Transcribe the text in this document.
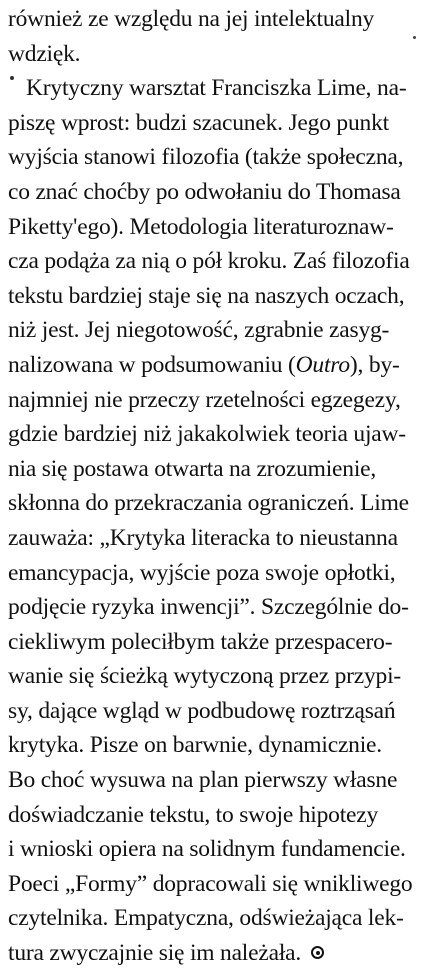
również ze względu na jej intelektualny
wdzięk.
Krytyczny warsztat Franciszka Lime, na-
piszę wprost: budzi szacunek. Jego punkt
wyjścia stanowi filozofia (także społeczna,
co znać choćby po odwołaniu do Thomasa
Piketty'ego). Metodologia literaturoznaw-
cza podąża za nią o pół kroku. Zaś filozofia
tekstu bardziej staje się na naszych oczach,
niż jest. Jej niegotowość, zgrabnie zasyg-
nalizowana w podsumowaniu (Outro), by-
najmniej nie przeczy rzetelności egzegezy,
gdzie bardziej niż jakakolwiek teoria ujaw-
nia się postawa otwarta na zrozumienie,
skłonna do przekraczania ograniczeń. Lime
zauważa: „Krytyka literacka to nieustanna
emancypacja, wyjście poza swoje opłotki,
podjęcie ryzyka inwencji”. Szczególnie do-
ciekliwym poleciłbym także przespacero-
wanie się ścieżką wytyczoną przez przypi-
sy, dające wgląd w podbudowę roztrząsań
krytyka. Pisze on barwnie, dynamicznie.
Bo choć wysuwa na plan pierwszy własne
doświadczanie tekstu, to swoje hipotezy
i wnioski opiera na solidnym fundamencie.
Poeci „Formy” dopracowali się wnikliwego
czytelnika. Empatyczna, odświeżająca lek-
tura zwyczajnie się im należała.
